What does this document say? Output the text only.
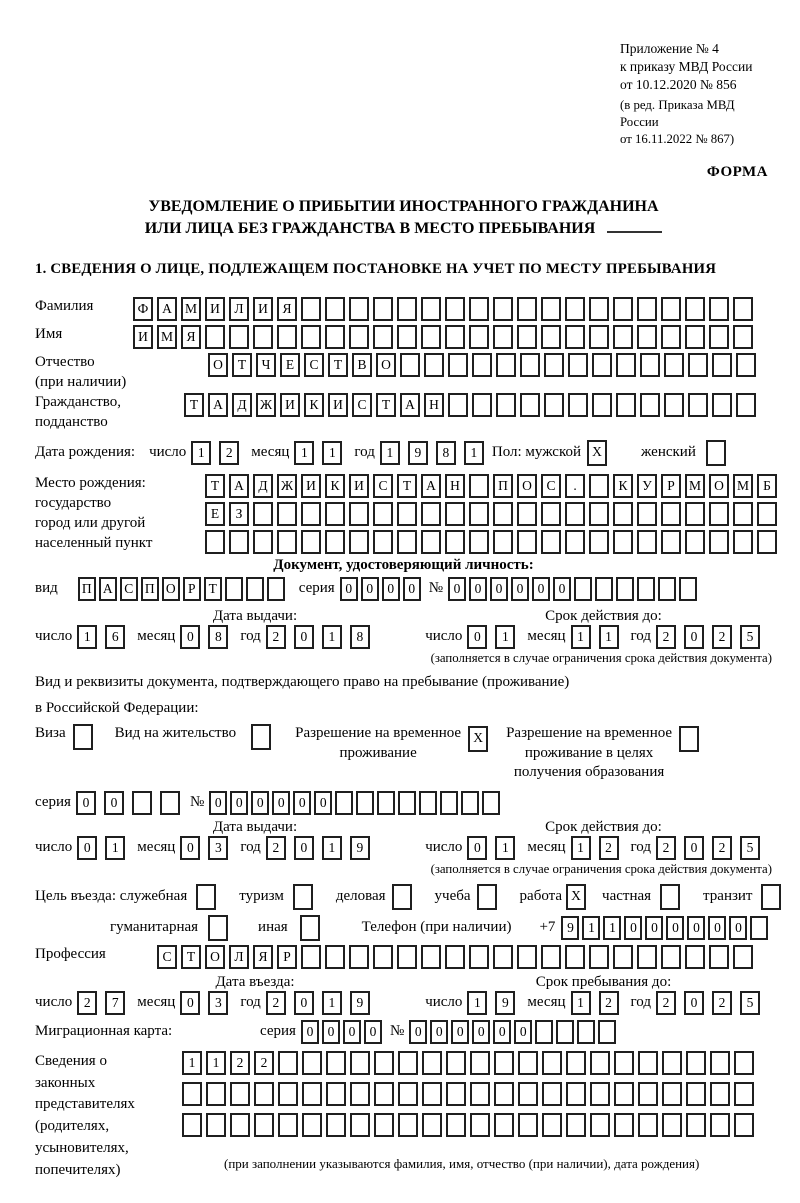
Приложение № 4
к приказу МВД России
от 10.12.2020 № 856
(в ред. Приказа МВД России
от 16.11.2022 № 867)
ФОРМА
УВЕДОМЛЕНИЕ О ПРИБЫТИИ ИНОСТРАННОГО ГРАЖДАНИНА
ИЛИ ЛИЦА БЕЗ ГРАЖДАНСТВА В МЕСТО ПРЕБЫВАНИЯ
1. СВЕДЕНИЯ О ЛИЦЕ, ПОДЛЕЖАЩЕМ ПОСТАНОВКЕ НА УЧЕТ ПО МЕСТУ ПРЕБЫВАНИЯ
Фамилия	Ф	А М И	Л	И	Я
Имя	И М Я
Отчество
(при наличии)
О	Т	Ч	Е	С	Т	В	О
Гражданство,
подданство
Т	А	Д Ж И	К	И	С	Т	А	Н
Дата рождения: число 1	2	месяц 1	1	год 1	9	8	1 Пол: мужской X	женский
Место рождения:
государство
город или другой
населенный пункт
Т	А	Д Ж И	К	И	С	Т	А	Н	П	О	С	.	К	У	Р	М О М	Б
Е	З
Документ, удостоверяющий личность:
вид	П А С П О Р Т	серия 0	0	0	0 № 0	0	0	0	0	0
Дата выдачи:	Срок действия до:
число 1	6	месяц 0	8	год 2	0	1	8	число 0	1	месяц 1	1	год 2	0	2	5
(заполняется в случае ограничения срока действия документа)
Вид и реквизиты документа, подтверждающего право на пребывание (проживание)
в Российской Федерации:
Виза	Вид на жительство	Разрешение на временное
проживание
X	Разрешение на временное
проживание в целях
получения образования
серия 0	0	№ 0	0	0	0	0	0
Дата выдачи:	Срок действия до:
число 0	1	месяц 0	3	год 2	0	1	9	число 0	1	месяц 1	2	год 2	0	2	5
(заполняется в случае ограничения срока действия документа)
Цель въезда: служебная	туризм	деловая	учеба	работа X	частная	транзит
гуманитарная	иная	Телефон (при наличии) +7 9	1	1	0	0	0	0	0	0
Профессия	С	Т	О	Л	Я	Р
Дата въезда:	Срок пребывания до:
число 2	7	месяц 0	3	год 2	0	1	9	число 1	9	месяц 1	2	год 2	0	2	5
Миграционная карта:	серия 0	0	0	0 № 0	0	0	0	0	0
Сведения о
законных
представителях
(родителях,
усыновителях,
попечителях)
1	1	2	2
(при заполнении указываются фамилия, имя, отчество (при наличии), дата рождения)
